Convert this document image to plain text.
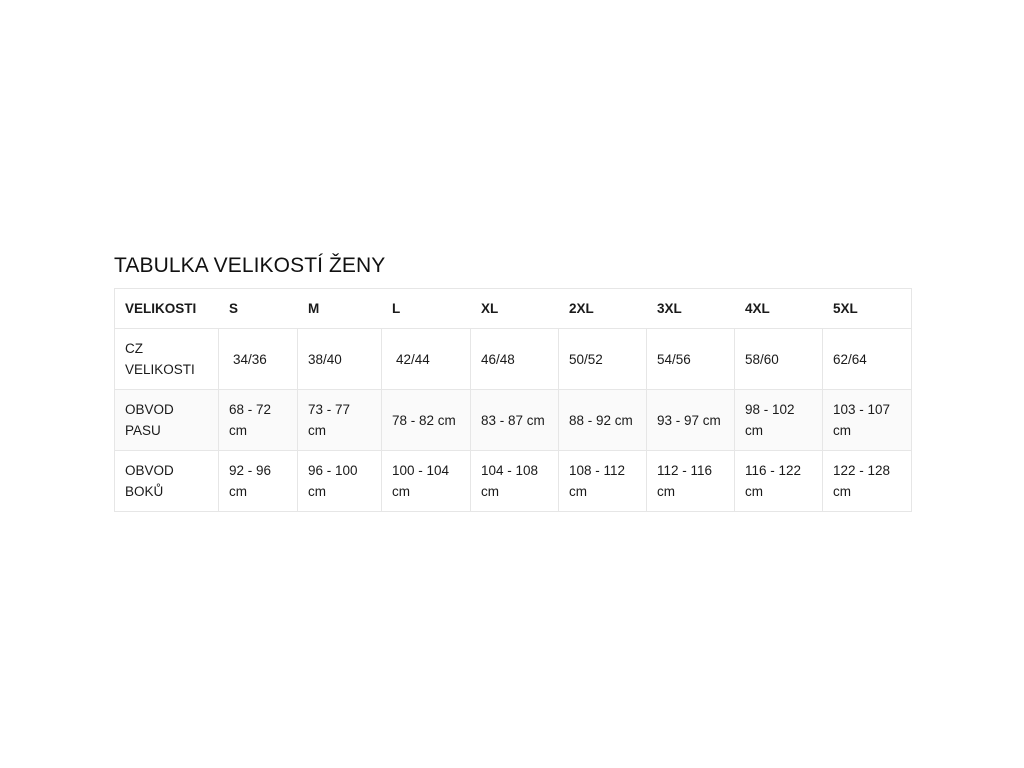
TABULKA VELIKOSTÍ ŽENY
VELIKOSTI	S	M	L	XL	2XL	3XL	4XL	5XL

CZ VELIKOSTI	34/36	38/40	42/44	46/48	50/52	54/56	58/60	62/64

OBVOD PASU	68 - 72 cm	73 - 77 cm	78 - 82 cm	83 - 87 cm	88 - 92 cm	93 - 97 cm	98 - 102 cm	103 - 107 cm

OBVOD BOKŮ	92 - 96 cm	96 - 100 cm	100 - 104 cm	104 - 108 cm	108 - 112 cm	112 - 116 cm	116 - 122 cm	122 - 128 cm
